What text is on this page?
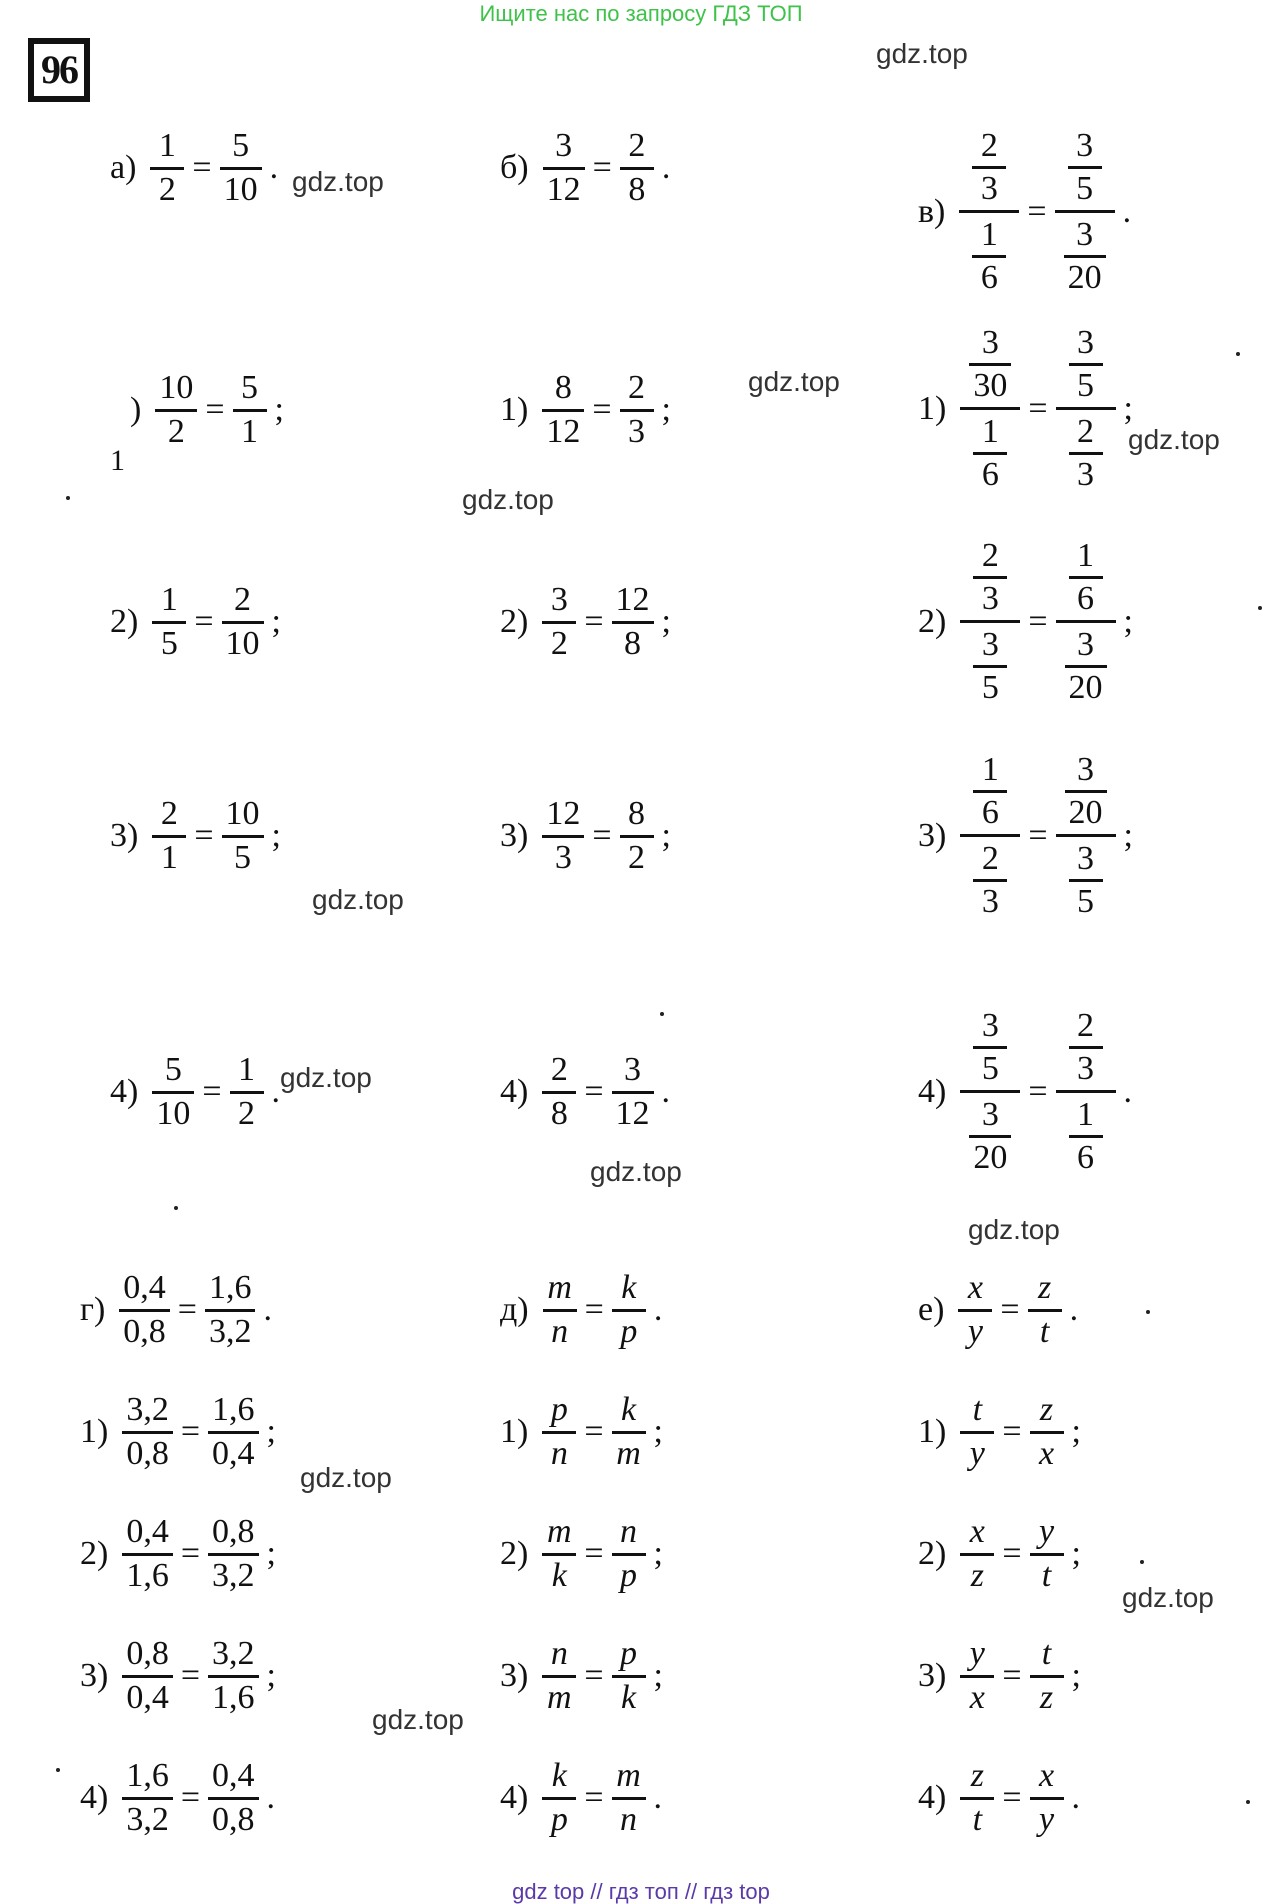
Ищите нас по запросу ГДЗ ТОП
96	gdz.top
gdz.top
gdz.top
gdz.top
gdz.top
gdz.top
gdz.top
gdz.top
gdz.top
gdz.top
gdz.top
gdz.top
1
$а) \frac{1}{2} = \frac{5}{10}$ .
) $\frac{10}{2} = \frac{5}{1}$ ;
$2) \frac{1}{5} = \frac{2}{10}$ ;
$3) \frac{2}{1} = \frac{10}{5}$ ;
$4) \frac{5}{10} = \frac{1}{2}$ .
$б) \frac{3}{12} = \frac{2}{8}$ .
$1) \frac{8}{12} = \frac{2}{3}$ ;
$2) \frac{3}{2} = \frac{12}{8}$ ;
$3) \frac{12}{3} = \frac{8}{2}$ ;
$4) \frac{2}{8} = \frac{3}{12}$ .
$в) \frac{\frac{2}{3}}{\frac{1}{6}} = \frac{\frac{3}{5}}{\frac{3}{20}}$ .
$1) \frac{\frac{3}{30}}{\frac{1}{6}} = \frac{\frac{3}{5}}{\frac{2}{3}}$ ;
$2) \frac{\frac{2}{3}}{\frac{3}{5}} = \frac{\frac{1}{6}}{\frac{3}{20}}$ ;
$3) \frac{\frac{1}{6}}{\frac{2}{3}} = \frac{\frac{3}{20}}{\frac{3}{5}}$ ;
$4) \frac{\frac{3}{5}}{\frac{3}{20}} = \frac{\frac{2}{3}}{\frac{1}{6}}$ .
$г) \frac{0,4}{0,8} = \frac{1,6}{3,2}$ .
$1) \frac{3,2}{0,8} = \frac{1,6}{0,4}$ ;
$2) \frac{0,4}{1,6} = \frac{0,8}{3,2}$ ;
$3) \frac{0,8}{0,4} = \frac{3,2}{1,6}$ ;
$4) \frac{1,6}{3,2} = \frac{0,4}{0,8}$ .
$д) \frac{m}{n} = \frac{k}{p}$ .
$1) \frac{p}{n} = \frac{k}{m}$ ;
$2) \frac{m}{k} = \frac{n}{p}$ ;
$3) \frac{n}{m} = \frac{p}{k}$ ;
$4) \frac{k}{p} = \frac{m}{n}$ .
$е) \frac{x}{y} = \frac{z}{t}$ .
$1) \frac{t}{y} = \frac{z}{x}$ ;
$2) \frac{x}{z} = \frac{y}{t}$ ;
$3) \frac{y}{x} = \frac{t}{z}$ ;
$4) \frac{z}{t} = \frac{x}{y}$ .
gdz top // гдз топ // гдз top
